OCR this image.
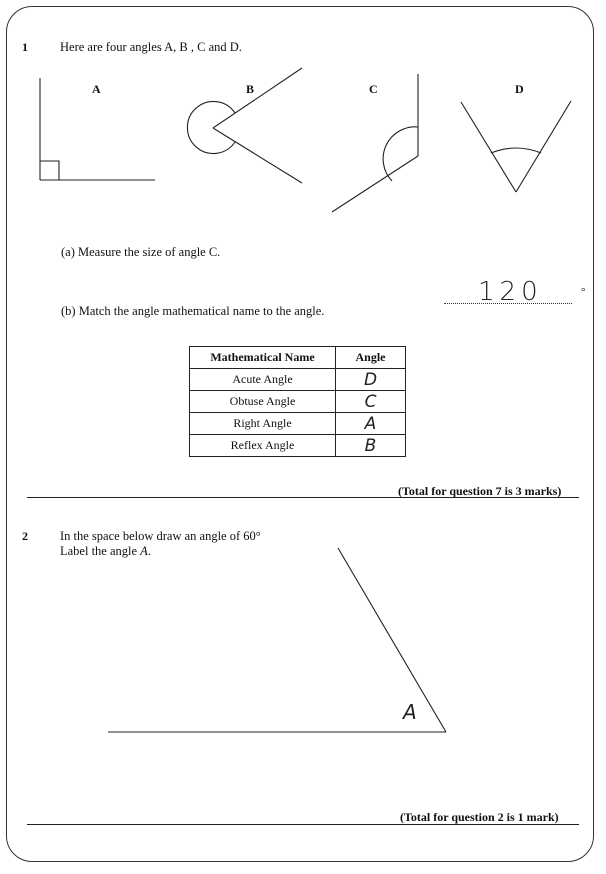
1	Here are four angles A, B , C and D.
A	B	C	D
(a) Measure the size of angle C.
120	°
(b) Match the angle mathematical name to the angle.
Mathematical Name	Angle
Acute Angle	D
Obtuse Angle	C
Right Angle	A
Reflex Angle	B
(Total for question 7 is 3 marks)
2	In the space below draw an angle of 60°
Label the angle A.
A
(Total for question 2 is 1 mark)
